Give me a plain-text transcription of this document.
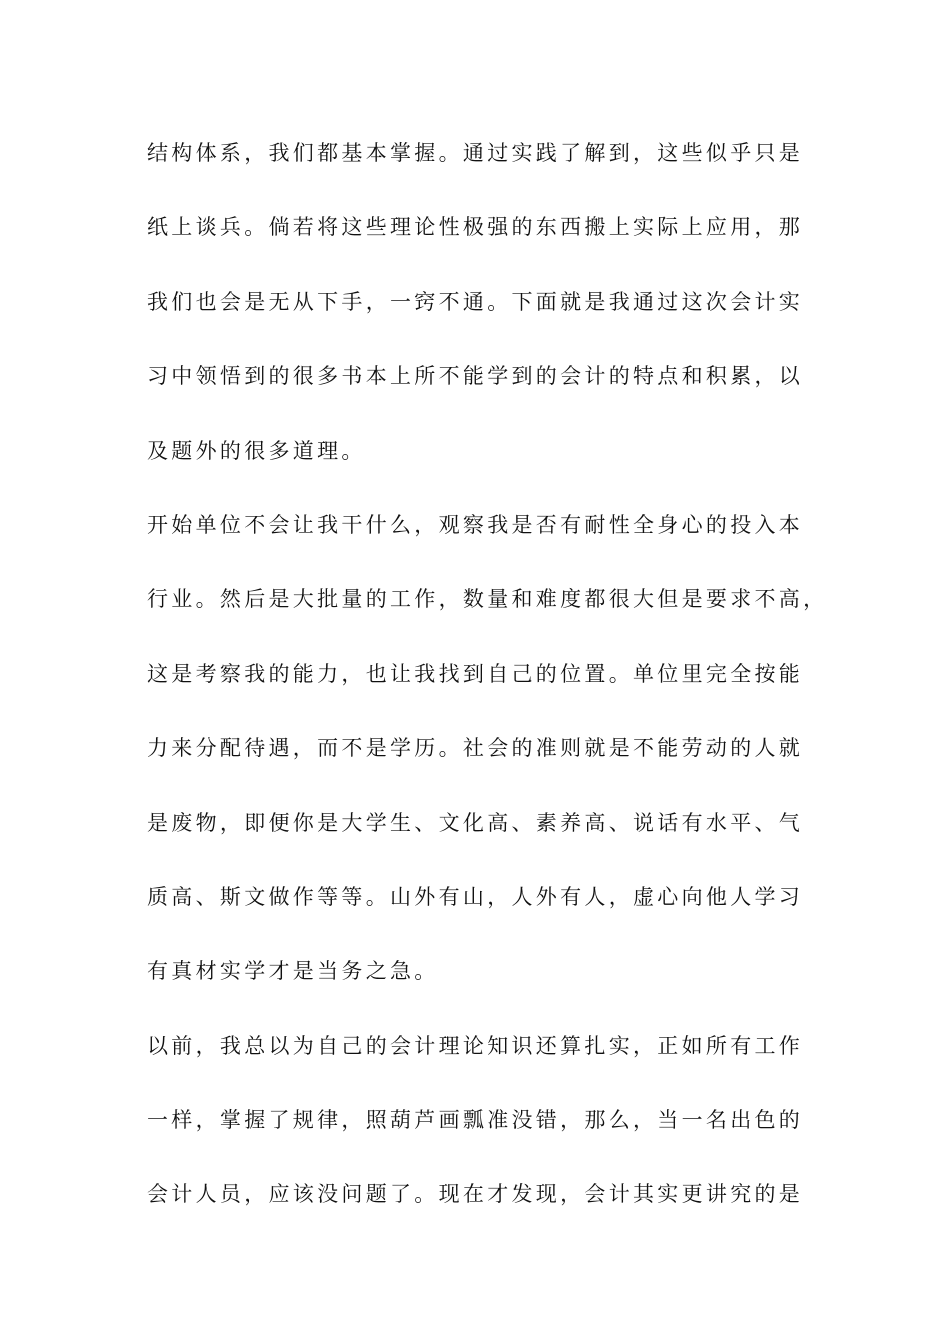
结构体系，我们都基本掌握。通过实践了解到，这些似乎只是
纸上谈兵。倘若将这些理论性极强的东西搬上实际上应用，那
我们也会是无从下手，一窍不通。下面就是我通过这次会计实
习中领悟到的很多书本上所不能学到的会计的特点和积累，以
及题外的很多道理。
开始单位不会让我干什么，观察我是否有耐性全身心的投入本
行业。然后是大批量的工作，数量和难度都很大但是要求不高，
这是考察我的能力，也让我找到自己的位置。单位里完全按能
力来分配待遇，而不是学历。社会的准则就是不能劳动的人就
是废物，即便你是大学生、文化高、素养高、说话有水平、气
质高、斯文做作等等。山外有山，人外有人，虚心向他人学习
有真材实学才是当务之急。
以前，我总以为自己的会计理论知识还算扎实，正如所有工作
一样，掌握了规律，照葫芦画瓢准没错，那么，当一名出色的
会计人员，应该没问题了。现在才发现，会计其实更讲究的是
